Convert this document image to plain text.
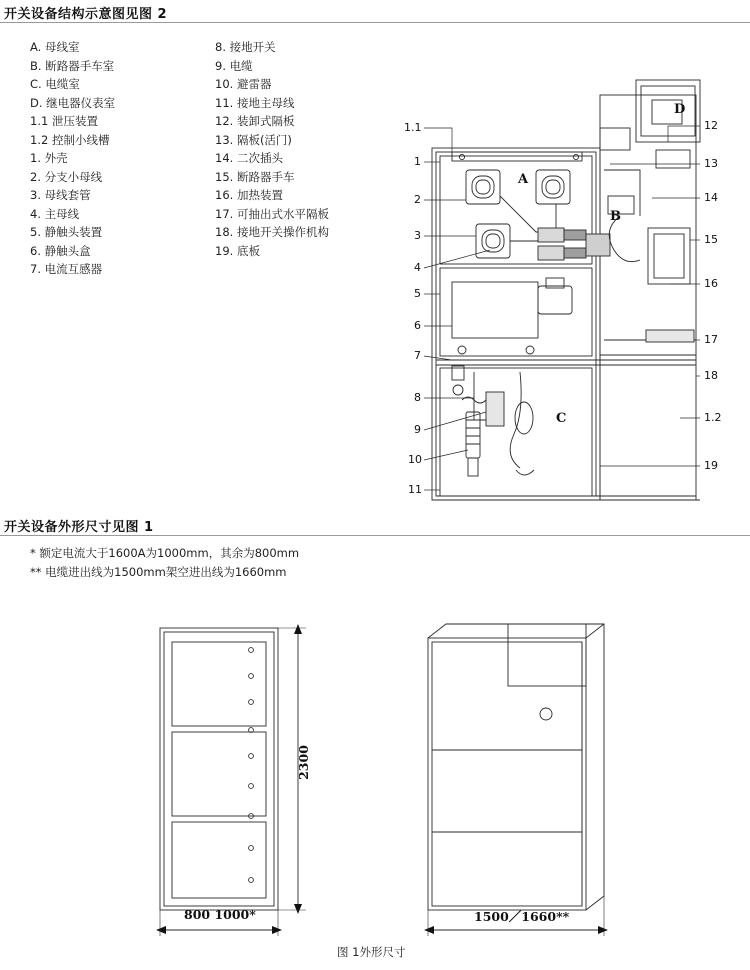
开关设备结构示意图见图 2
A. 母线室
B. 断路器手车室
C. 电缆室
D. 继电器仪表室
1.1 泄压装置
1.2 控制小线槽
1. 外壳
2. 分支小母线
3. 母线套管
4. 主母线
5. 静触头装置
6. 静触头盒
7. 电流互感器
8. 接地开关
9. 电缆
10. 避雷器
11. 接地主母线
12. 装卸式隔板
13. 隔板(活门)
14. 二次插头
15. 断路器手车
16. 加热装置
17. 可抽出式水平隔板
18. 接地开关操作机构
19. 底板
1.1
1
2
3
4
5
6
7
8
9
10
11
12
13
14
15
16
17
18
1.2
19
A
B
C
D
开关设备外形尺寸见图 1
* 额定电流大于1600A为1000mm，其余为800mm
** 电缆进出线为1500mm架空进出线为1660mm
2300
800 1000*	1500／1660**
图 1外形尺寸
